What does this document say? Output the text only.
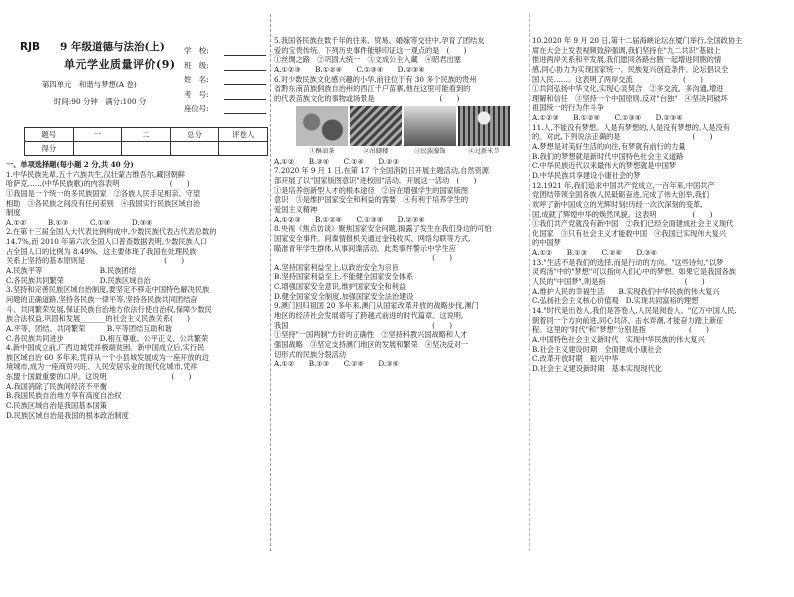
RJB 9 年级道德与法治(上)
单元学业质量评价(9)
第四单元　和谐与梦想(A 卷)
时间:90 分钟　满分:100 分
学　校:
班　级:
姓　名:
考　号:
座位号:
题号	一	二	总分	评卷人
得分				

一、单项选择题(每小题 2 分,共 40 分)

1.中华民族先辈,五十六族共生,汉壮蒙古维吾尔,藏回朝鲜

哈萨克……(中华民族歌)的内容表明　　　　　　　(　　)

①我国是一个统一的多民族国家　②各族人民手足相亲、守望

相助　③各民族之间没有任何差别　④我国实行民族区域自治

制度

A.①②　　　B.①③　　　C.①④　　　D.③④

2.在第十三届全国人大代表比例构成中,少数民族代表占代表总数的

14.7%,而 2010 年第六次全国人口普查数据表明,少数民族人口

占全国人口的比例为 8.49%。这主要体现了我国在处理民族

关系上坚持的基本原则是　　　　　　　　　　　(　　)

A.民族平等　　　　　　　　B.民族团结

C.各民族共同繁荣　　　　　D.民族区域自治

3.坚持和完善民族区域自治制度,要坚定不移走中国特色解决民族

问题的正确道路,坚持各民族一律平等,坚持各民族共同团结奋

斗、共同繁荣发展,保证民族自治地方依法行使自治权,保障少数民

族合法权益,巩固和发展_______的社会主义民族关系(　　)

A.平等、团结、共同繁荣　　　B.平等团结互助和谐

C.各民族共同进步　　　　　D.相互尊重、公平正义、公共繁荣

4.新中国成立前,广西边城凭祥极端贫困。新中国成立后,实行民

族区域自治 60 多年来,凭祥从一个小县城发展成为一座开放的边

境城市,成为一座商贸兴旺、人民安居乐业的现代化城市,凭祥

东盟十国最重要的口岸。这说明　　　　　　　　　(　　)

A.我国消除了民族间经济不平衡

B.我国民族自治地方享有高度自治权

C.民族区域自治是我国基本国策

D.民族区域自治是我国的根本政治制度

5.我国各民族在数千年的往来、贸易、婚嫁等交往中,孕育了团结友

爱的宝贵传统。下列历史事件能够印证这一观点的是　(　　)

①丝绸之路　②巩固大统一　③文成公主入藏　④昭君出塞

A.①②③　　B.①②④　　C.①③④　　D.②③④

6.对少数民族文化感兴趣的小华,前往位于有 30 多个民族的贵州

省黔东南苗族侗族自治州的西江千户苗寨,他在这里可能看到的

的代表苗族文化的事物或场景是　　　　　　　　　(　　)

①酥油茶	②吊脚楼	③民族服饰	④过新米节

A.①②　　B.③④　　C.①④　　D.②③

7.2020 年 9 月 1 日,在第 17 个全国消防日开展主题活动,自然资源

部开展了以"国家版图意识"进校园"活动。开展这一活动　(　　)

①是培养创新型人才的根本途径　②旨在增强学生的国家版图

意识　③是维护国家安全和利益的需要　④有利于培养学生的

爱国主义精神

A.①②③　　B.①②④　　C.①③④　　D.②③④

8.央视《焦点访谈》聚焦国家安全问题,揭露了发生在我们身边的可怕

国家安全事件。间谍情报机关通过金钱收买、网络勾联等方式,

瞄准青年学生群体,从事间谍活动。此类事件警示中学生应

　　　　　　　　　　　　　　　　　　　　　　(　　)

A.坚持国家利益至上,以政治安全为宗旨

B.坚持国家利益至上,不能健全国家安全体系

C.增强国家安全意识,维护国家安全和利益

D.健全国家安全制度,加强国家安全法治建设

9.澳门回归祖国 20 多年来,澳门从国家改革开放的战略步伐,澳门

地区的经济社会发展谱写了跨越式前进的时代篇章。这说明,

我国　　　　　　　　　　　　　　　　　　　　(　　)

①坚持"一国两制"方针的正确性　②坚持科教兴国战略和人才

强国战略　③坚定支持澳门地区的发展和繁荣　④坚决反对一

切形式的民族分裂活动

A.①②　　B.①③　　C.②④　　D.③④

10.2020 年 9 月 20 日,第十二届海峡论坛在厦门举行,全国政协主

席在大会上发表视频致辞强调,我们坚持在"九二共识"基础上

推进两岸关系和平发展,我们愿同各路台胞一起增进同胞的情

感,同心协力为实现国家统一、民族复兴创造条件。论坛倡议全

国人民……。这表明了两岸交流　　　　　　　(　　)

①共同弘扬中华文化,实现心灵契合　②多交流、多沟通,增进

理解和信任　③坚持一个中国原则,反对"台独"　④坚决同破坏

祖国统一的行为作斗争

A.①②③　　B.①②④　　C.①③④　　D.②③④

11.人,不能没有梦想。人是有梦想的,人是没有梦想的,人是没有

的。对此,下列说法正确的是　　　　　　　　　　(　　)

A.梦想是对美好生活的向往,有梦就有前行的力量

B.我们的梦想就是新时代中国特色社会主义道路

C.中华民族近代以来最伟大的梦想就是中国梦

D.中华民族共享建设小康社会的梦

12.1921 年,我们追求中国共产党成立,一百年来,中国共产

党团结带领全国各族人民砥砺奋进,完成了伟大创举,我们

欢呼了新中国成立的光辉时刻!历经一次次深刻的变革,

国,成就了辉煌中华的焕然风貌。这表明　　　　　(　　)

①我们共产党就没有新中国　②我们已经全面建成社会主义现代

化国家　③只有社会主义才能救中国　④我国已实现伟大复兴

的中国梦

A.①②　　B.①③　　C.②④　　D.③④

13."生活不是我们的选择,而是行动的方向。"这些诗句,"以梦

灵鸡汤"中的"梦想"可以指向人们心中的梦想。如果它是我国各族

人民的"中国梦",则是指　　　　　　　　　　　(　　)

A.维护人民的幸福生活　　B.实现我们中华民族的伟大复兴

C.弘扬社会主义核心价值观　D.实现共同富裕的理想

14."时代是出卷人,我们是答卷人,人民是阅卷人。"亿万中国人民,

朝着同一个方向前进,同心共济、击水弄潮,才能奋力踏上新征

程。这里的"时代"和"梦想"分别是指　　　　　　(　　)

A.中国特色社会主义新时代　实现中华民族的伟大复兴

B.社会主义建设时期　全面建成小康社会

C.改革开放时期　振兴中华

D.社会主义建设新时期　基本实现现代化
